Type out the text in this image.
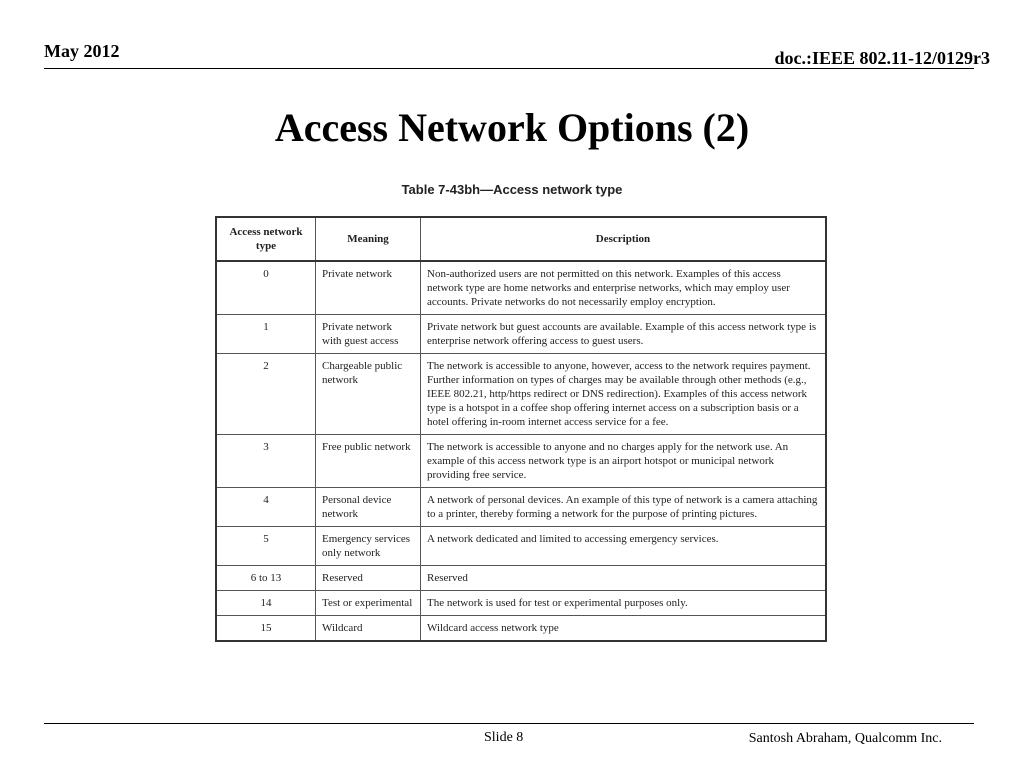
May 2012	doc.:IEEE 802.11-12/0129r3
Access Network Options (2)
Table 7-43bh—Access network type
Access network type	Meaning	Description
0	Private network	Non-authorized users are not permitted on this network. Examples of this access network type are home networks and enterprise networks, which may employ user accounts. Private networks do not necessarily employ encryption.
1	Private network with guest access	Private network but guest accounts are available. Example of this access network type is enterprise network offering access to guest users.
2	Chargeable public network	The network is accessible to anyone, however, access to the network requires payment. Further information on types of charges may be available through other methods (e.g., IEEE 802.21, http/https redirect or DNS redirection). Examples of this access network type is a hotspot in a coffee shop offering internet access on a subscription basis or a hotel offering in-room internet access service for a fee.
3	Free public network	The network is accessible to anyone and no charges apply for the network use. An example of this access network type is an airport hotspot or municipal network providing free service.
4	Personal device network	A network of personal devices. An example of this type of network is a camera attaching to a printer, thereby forming a network for the purpose of printing pictures.
5	Emergency services only network	A network dedicated and limited to accessing emergency services.
6 to 13	Reserved	Reserved
14	Test or experimental	The network is used for test or experimental purposes only.
15	Wildcard	Wildcard access network type
Slide 8	Santosh Abraham, Qualcomm Inc.
